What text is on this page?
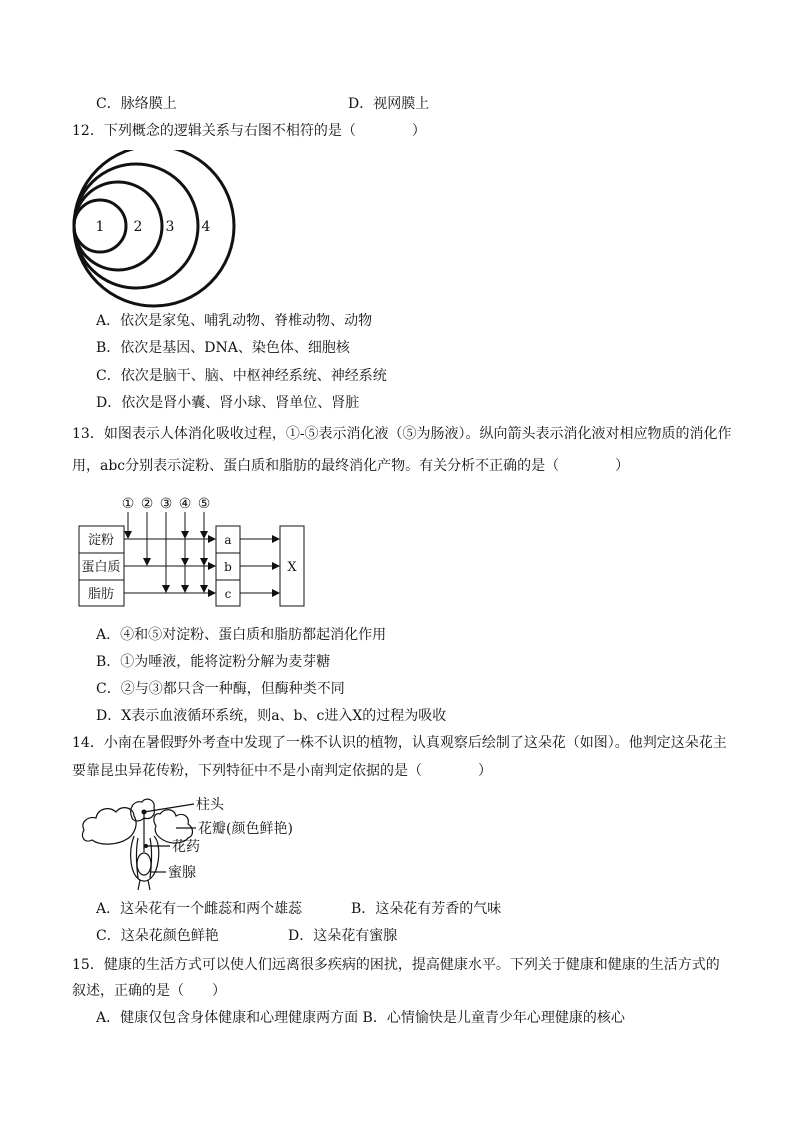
C．脉络膜上	D．视网膜上
12．下列概念的逻辑关系与右图不相符的是（　　　　）
1 2 3 4
A．依次是家兔、哺乳动物、脊椎动物、动物
B．依次是基因、DNA、染色体、细胞核
C．依次是脑干、脑、中枢神经系统、神经系统
D．依次是肾小囊、肾小球、肾单位、肾脏
13．如图表示人体消化吸收过程，①-⑤表示消化液（⑤为肠液）。纵向箭头表示消化液对相应物质的消化作
用，abc分别表示淀粉、蛋白质和脂肪的最终消化产物。有关分析不正确的是（　　　　）
① ② ③ ④ ⑤
淀粉
蛋白质
脂肪
a
b
c
X
A．④和⑤对淀粉、蛋白质和脂肪都起消化作用
B．①为唾液，能将淀粉分解为麦芽糖
C．②与③都只含一种酶，但酶种类不同
D．X表示血液循环系统，则a、b、c进入X的过程为吸收
14．小南在暑假野外考查中发现了一株不认识的植物，认真观察后绘制了这朵花（如图）。他判定这朵花主
要靠昆虫异花传粉，下列特征中不是小南判定依据的是（　　　　）
柱头
花瓣(颜色鲜艳)
花药
蜜腺
A．这朵花有一个雌蕊和两个雄蕊	B．这朵花有芳香的气味
C．这朵花颜色鲜艳	D．这朵花有蜜腺
15．健康的生活方式可以使人们远离很多疾病的困扰，提高健康水平。下列关于健康和健康的生活方式的
叙述，正确的是（　　）
A．健康仅包含身体健康和心理健康两方面 B．心情愉快是儿童青少年心理健康的核心
